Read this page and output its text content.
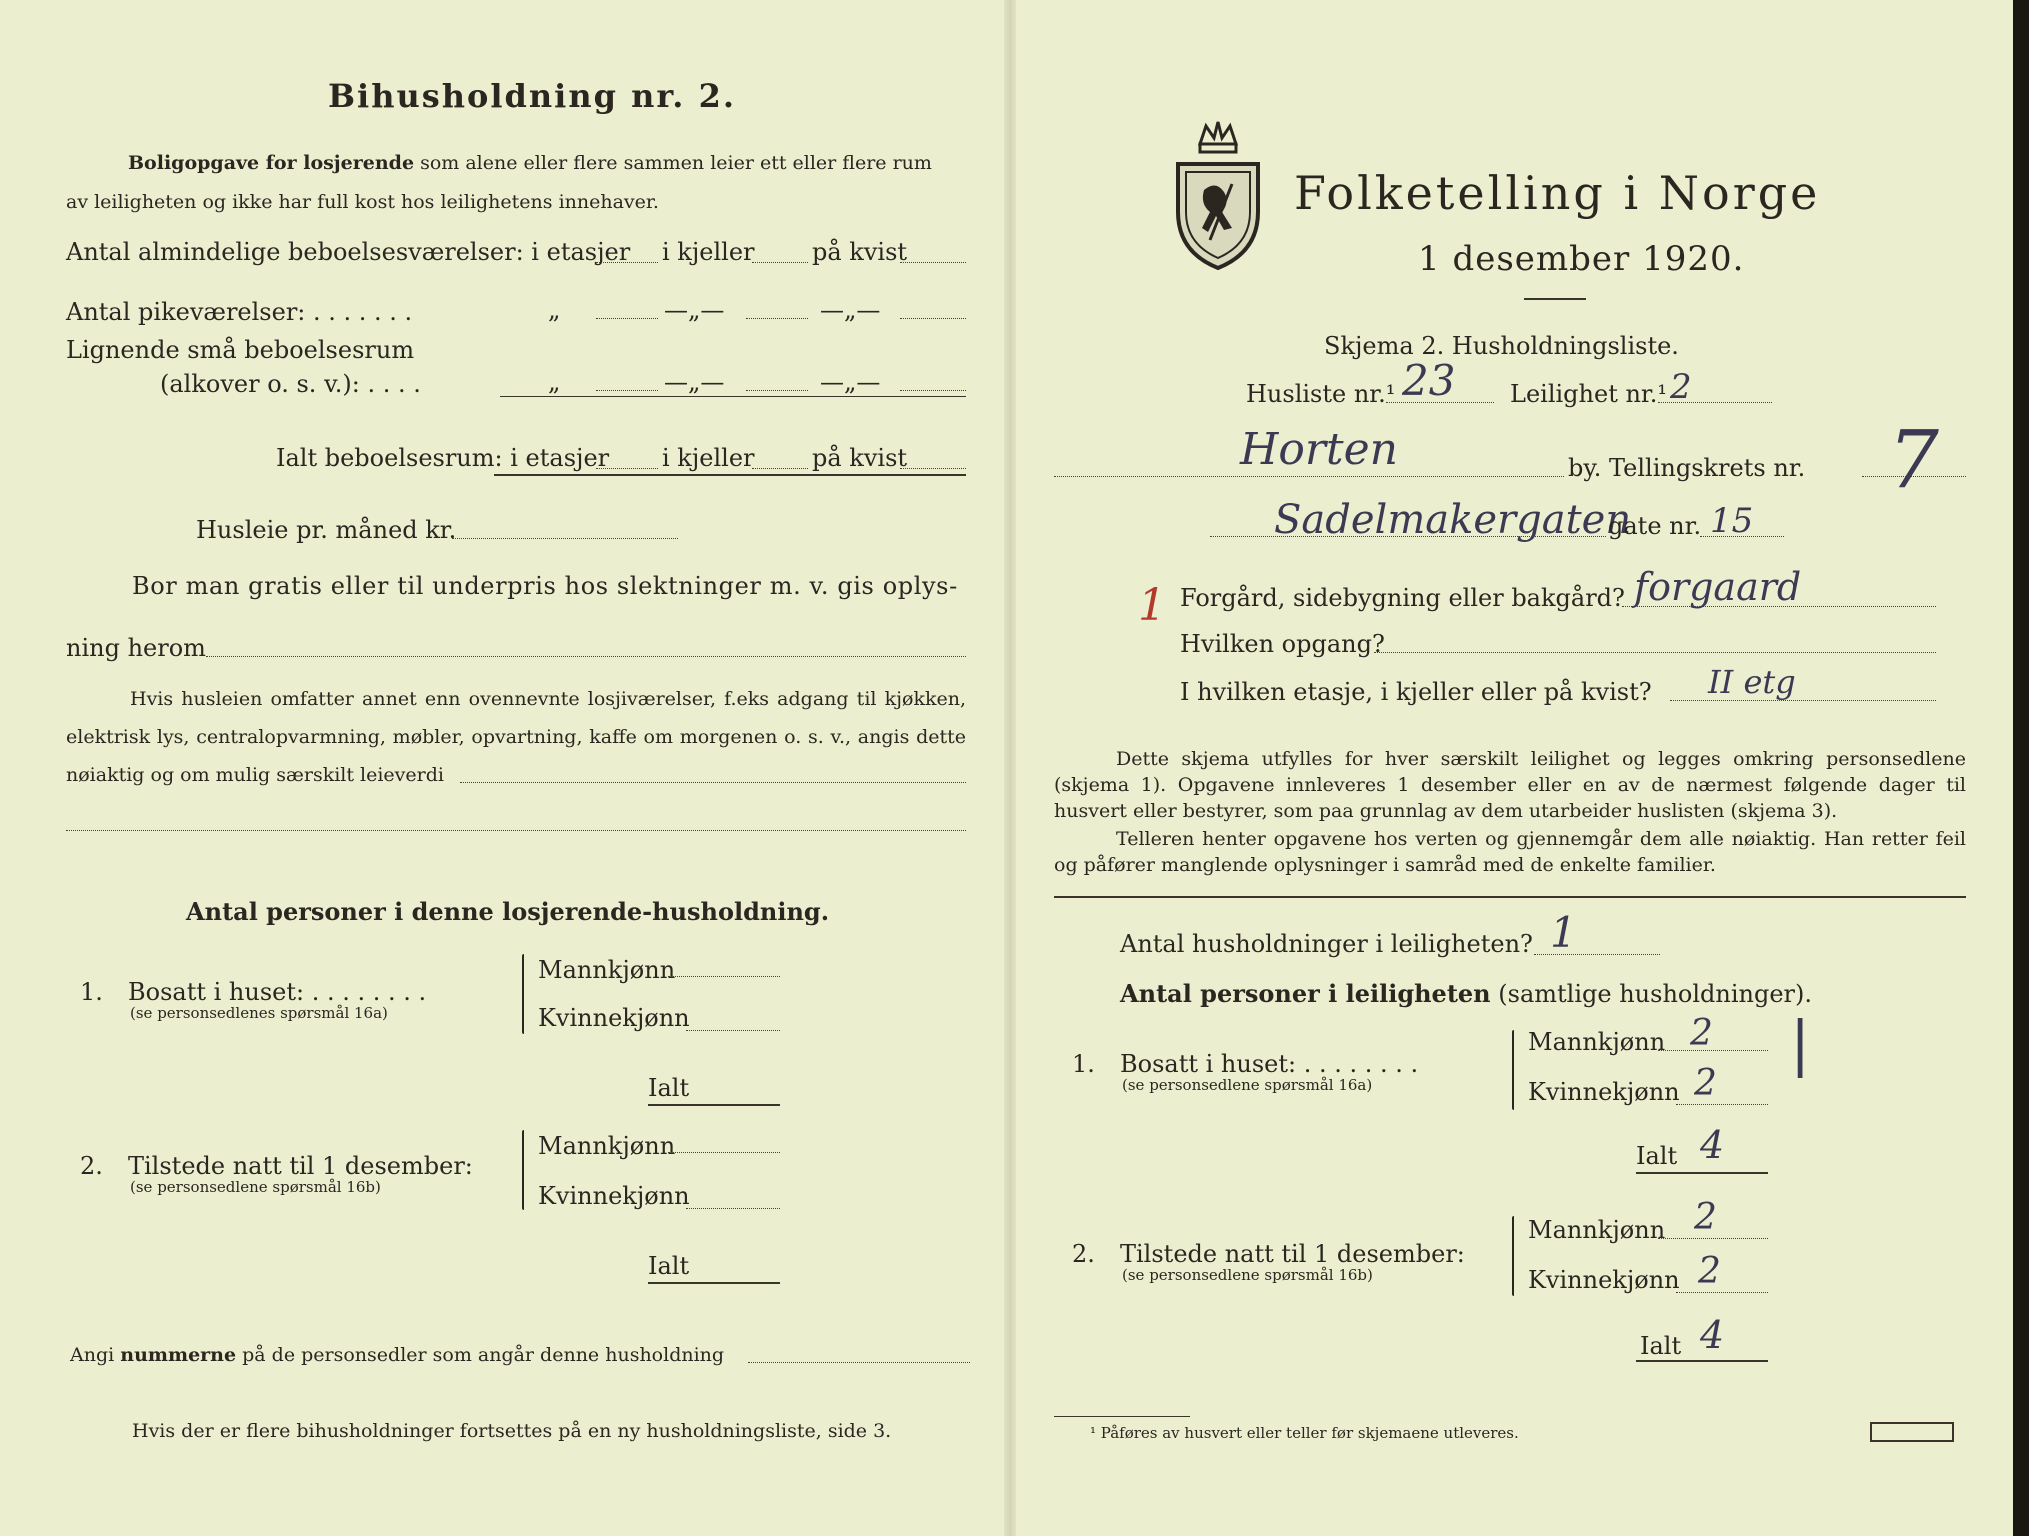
Bihusholdning nr. 2.
Boligopgave for losjerende som alene eller flere sammen leier ett eller flere rum
av leiligheten og ikke har full kost hos leilighetens innehaver.
Antal almindelige beboelsesværelser: i etasjer i kjeller på kvist
Antal pikeværelser: . . . . . . .	„	—„—	—„—
Lignende små beboelsesrum
(alkover o. s. v.): . . . .	„	—„—	—„—
Ialt beboelsesrum: i etasjer i kjeller på kvist
Husleie pr. måned kr.
Bor man gratis eller til underpris hos slektninger m. v. gis oplys-
ning herom
Hvis husleien omfatter annet enn ovennevnte losjiværelser, f.eks adgang til kjøkken, elektrisk lys, centralopvarmning, møbler, opvartning, kaffe om morgenen o. s. v., angis dette nøiaktig og om mulig særskilt leieverdi
Antal personer i denne losjerende-husholdning.
1. Bosatt i huset: . . . . . . . .
(se personsedlenes spørsmål 16a)
Mannkjønn
Kvinnekjønn
Ialt
2. Tilstede natt til 1 desember:
(se personsedlene spørsmål 16b)
Mannkjønn
Kvinnekjønn
Ialt
Angi nummerne på de personsedler som angår denne husholdning
Hvis der er flere bihusholdninger fortsettes på en ny husholdningsliste, side 3.
Folketelling i Norge
1 desember 1920.
Skjema 2. Husholdningsliste.
Husliste nr.¹ 23 Leilighet nr.¹ 2
Horten	by. Tellingskrets nr. 7
Sadelmakergaten
gate nr. 15
1 Forgård, sidebygning eller bakgård? forgaard
Hvilken opgang?
I hvilken etasje, i kjeller eller på kvist? II etg
Dette skjema utfylles for hver særskilt leilighet og legges omkring personsedlene (skjema 1). Opgavene innleveres 1 desember eller en av de nærmest følgende dager til husvert eller bestyrer, som paa grunnlag av dem utarbeider huslisten (skjema 3).
Telleren henter opgavene hos verten og gjennemgår dem alle nøiaktig. Han retter feil og påfører manglende oplysninger i samråd med de enkelte familier.
Antal husholdninger i leiligheten? 1
Antal personer i leiligheten (samtlige husholdninger).
1. Bosatt i huset: . . . . . . . .
(se personsedlene spørsmål 16a)
Mannkjønn 2
Kvinnekjønn 2
|
Ialt 4
2. Tilstede natt til 1 desember:
(se personsedlene spørsmål 16b)
Mannkjønn 2
Kvinnekjønn 2
Ialt 4
¹ Påføres av husvert eller teller før skjemaene utleveres.
